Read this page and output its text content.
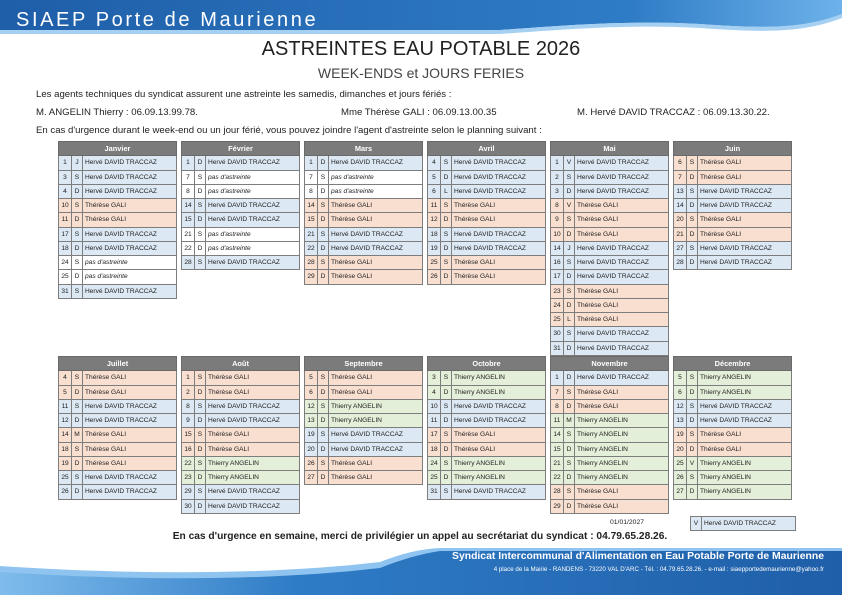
SIAEP Porte de Maurienne
ASTREINTES EAU POTABLE 2026
WEEK-ENDS et JOURS FERIES
Les agents techniques du syndicat assurent une astreinte les samedis, dimanches et jours fériés :
M. ANGELIN Thierry : 06.09.13.99.78.	Mme Thérèse GALI : 06.09.13.00.35	M. Hervé DAVID TRACCAZ : 06.09.13.30.22.
En cas d'urgence durant le week-end ou un jour férié, vous pouvez joindre l'agent d'astreinte selon le planning suivant :
Janvier				Février				Mars				Avril				Mai				Juin		
1	J	Hervé DAVID TRACCAZ		1	D	Hervé DAVID TRACCAZ		1	D	Hervé DAVID TRACCAZ		4	S	Hervé DAVID TRACCAZ		1	V	Hervé DAVID TRACCAZ		6	S	Thérèse GALI
3	S	Hervé DAVID TRACCAZ		7	S	pas d'astreinte		7	S	pas d'astreinte		5	D	Hervé DAVID TRACCAZ		2	S	Hervé DAVID TRACCAZ		7	D	Thérèse GALI
4	D	Hervé DAVID TRACCAZ		8	D	pas d'astreinte		8	D	pas d'astreinte		6	L	Hervé DAVID TRACCAZ		3	D	Hervé DAVID TRACCAZ		13	S	Hervé DAVID TRACCAZ
10	S	Thérèse GALI		14	S	Hervé DAVID TRACCAZ		14	S	Thérèse GALI		11	S	Thérèse GALI		8	V	Thérèse GALI		14	D	Hervé DAVID TRACCAZ
11	D	Thérèse GALI		15	D	Hervé DAVID TRACCAZ		15	D	Thérèse GALI		12	D	Thérèse GALI		9	S	Thérèse GALI		20	S	Thérèse GALI
17	S	Hervé DAVID TRACCAZ		21	S	pas d'astreinte		21	S	Hervé DAVID TRACCAZ		18	S	Hervé DAVID TRACCAZ		10	D	Thérèse GALI		21	D	Thérèse GALI
18	D	Hervé DAVID TRACCAZ		22	D	pas d'astreinte		22	D	Hervé DAVID TRACCAZ		19	D	Hervé DAVID TRACCAZ		14	J	Hervé DAVID TRACCAZ		27	S	Hervé DAVID TRACCAZ
24	S	pas d'astreinte		28	S	Hervé DAVID TRACCAZ		28	S	Thérèse GALI		25	S	Thérèse GALI		16	S	Hervé DAVID TRACCAZ		28	D	Hervé DAVID TRACCAZ
25	D	pas d'astreinte						29	D	Thérèse GALI		26	D	Thérèse GALI		17	D	Hervé DAVID TRACCAZ				
31	S	Hervé DAVID TRACCAZ														23	S	Thérèse GALI				
																24	D	Thérèse GALI				
																25	L	Thérèse GALI				
																30	S	Hervé DAVID TRACCAZ				
																31	D	Hervé DAVID TRACCAZ				
Juillet				Août				Septembre				Octobre				Novembre				Décembre		
4	S	Thérèse GALI		1	S	Thérèse GALI		5	S	Thérèse GALI		3	S	Thierry ANGELIN		1	D	Hervé DAVID TRACCAZ		5	S	Thierry ANGELIN
5	D	Thérèse GALI		2	D	Thérèse GALI		6	D	Thérèse GALI		4	D	Thierry ANGELIN		7	S	Thérèse GALI		6	D	Thierry ANGELIN
11	S	Hervé DAVID TRACCAZ		8	S	Hervé DAVID TRACCAZ		12	S	Thierry ANGELIN		10	S	Hervé DAVID TRACCAZ		8	D	Thérèse GALI		12	S	Hervé DAVID TRACCAZ
12	D	Hervé DAVID TRACCAZ		9	D	Hervé DAVID TRACCAZ		13	D	Thierry ANGELIN		11	D	Hervé DAVID TRACCAZ		11	M	Thierry ANGELIN		13	D	Hervé DAVID TRACCAZ
14	M	Thérèse GALI		15	S	Thérèse GALI		19	S	Hervé DAVID TRACCAZ		17	S	Thérèse GALI		14	S	Thierry ANGELIN		19	S	Thérèse GALI
18	S	Thérèse GALI		16	D	Thérèse GALI		20	D	Hervé DAVID TRACCAZ		18	D	Thérèse GALI		15	D	Thierry ANGELIN		20	D	Thérèse GALI
19	D	Thérèse GALI		22	S	Thierry ANGELIN		26	S	Thérèse GALI		24	S	Thierry ANGELIN		21	S	Thierry ANGELIN		25	V	Thierry ANGELIN
25	S	Hervé DAVID TRACCAZ		23	D	Thierry ANGELIN		27	D	Thérèse GALI		25	D	Thierry ANGELIN		22	D	Thierry ANGELIN		26	S	Thierry ANGELIN
26	D	Hervé DAVID TRACCAZ		29	S	Hervé DAVID TRACCAZ						31	S	Hervé DAVID TRACCAZ		28	S	Thérèse GALI		27	D	Thierry ANGELIN
				30	D	Hervé DAVID TRACCAZ										29	D	Thérèse GALI				
01/01/2027	V	Hervé DAVID TRACCAZ
En cas d'urgence en semaine, merci de privilégier un appel au secrétariat du syndicat : 04.79.65.28.26.
Syndicat Intercommunal d'Alimentation en Eau Potable Porte de Maurienne
4 place de la Mairie - RANDENS - 73220 VAL D'ARC - Tél. : 04.79.65.28.26. - e-mail : siaepportedemaurienne@yahoo.fr
